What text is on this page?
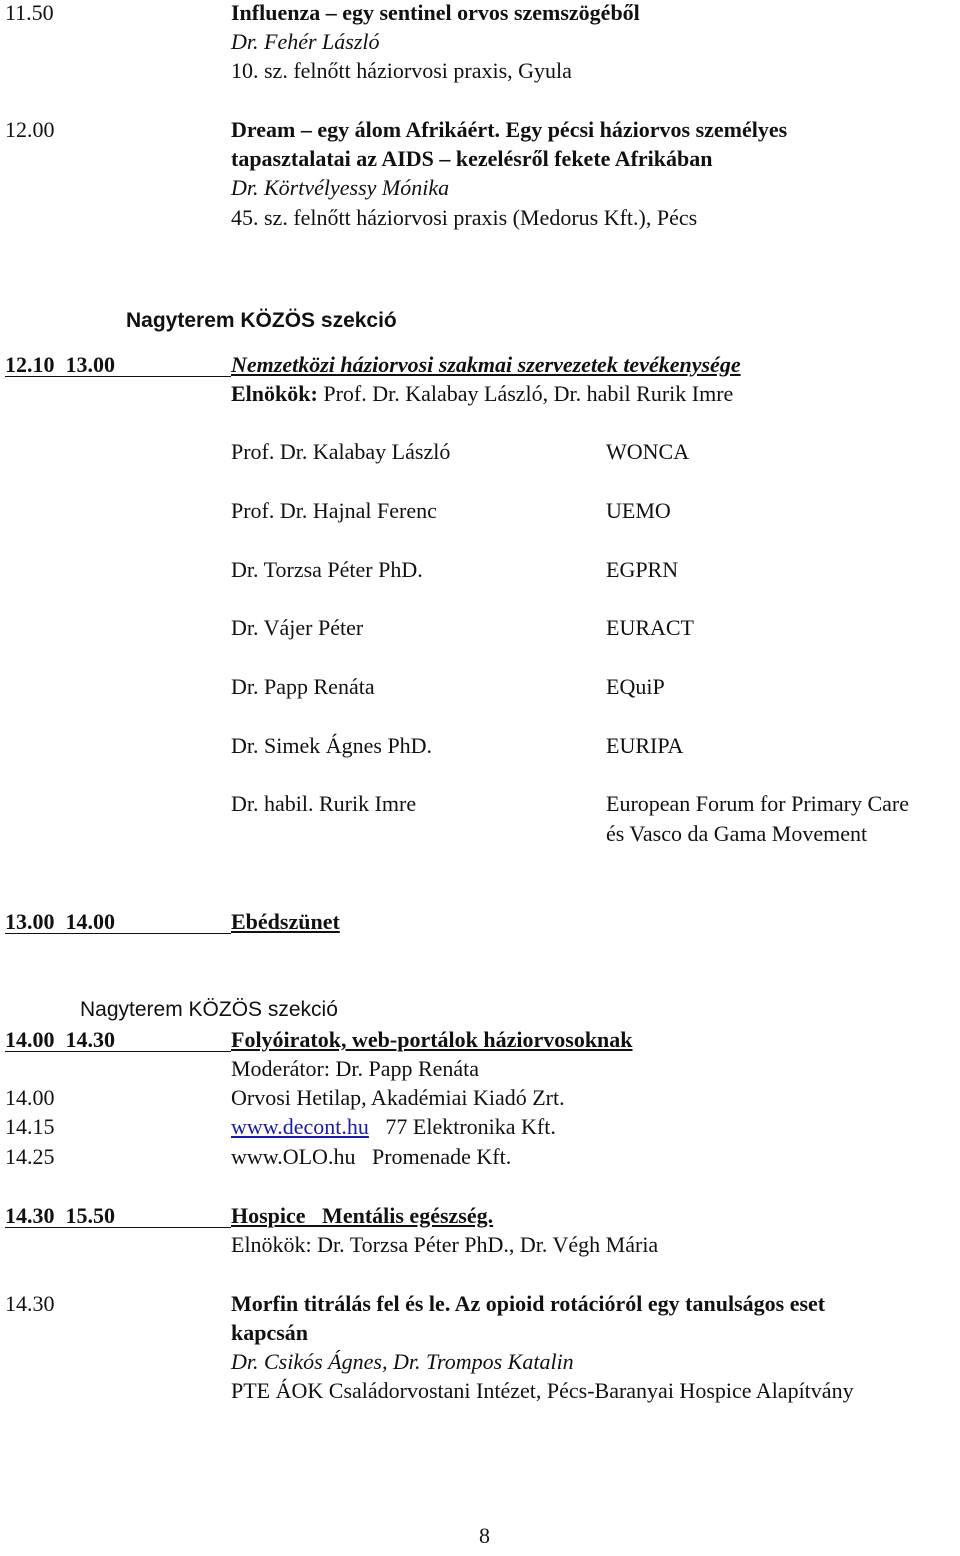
11.50	Influenza – egy sentinel orvos szemszögéből
Dr. Fehér László
10. sz. felnőtt háziorvosi praxis, Gyula
12.00	Dream – egy álom Afrikáért. Egy pécsi háziorvos személyes
tapasztalatai az AIDS – kezelésről fekete Afrikában
Dr. Körtvélyessy Mónika
45. sz. felnőtt háziorvosi praxis (Medorus Kft.), Pécs
Nagyterem KÖZÖS szekció
12.10 13.00	Nemzetközi háziorvosi szakmai szervezetek tevékenysége
Elnökök: Prof. Dr. Kalabay László, Dr. habil Rurik Imre
Prof. Dr. Kalabay László	WONCA
Prof. Dr. Hajnal Ferenc	UEMO
Dr. Torzsa Péter PhD.	EGPRN
Dr. Vájer Péter	EURACT
Dr. Papp Renáta	EQuiP
Dr. Simek Ágnes PhD.	EURIPA
Dr. habil. Rurik Imre	European Forum for Primary Care
és Vasco da Gama Movement
13.00 14.00	Ebédszünet
Nagyterem KÖZÖS szekció
14.00 14.30	Folyóiratok, web-portálok háziorvosoknak
Moderátor: Dr. Papp Renáta
14.00	Orvosi Hetilap, Akadémiai Kiadó Zrt.
14.15	www.decont.hu 77 Elektronika Kft.
14.25	www.OLO.hu Promenade Kft.
14.30 15.50	Hospice   Mentális egészség.
Elnökök: Dr. Torzsa Péter PhD., Dr. Végh Mária
14.30	Morfin titrálás fel és le. Az opioid rotációról egy tanulságos eset
kapcsán
Dr. Csikós Ágnes, Dr. Trompos Katalin
PTE ÁOK Családorvostani Intézet, Pécs-Baranyai Hospice Alapítvány
8
